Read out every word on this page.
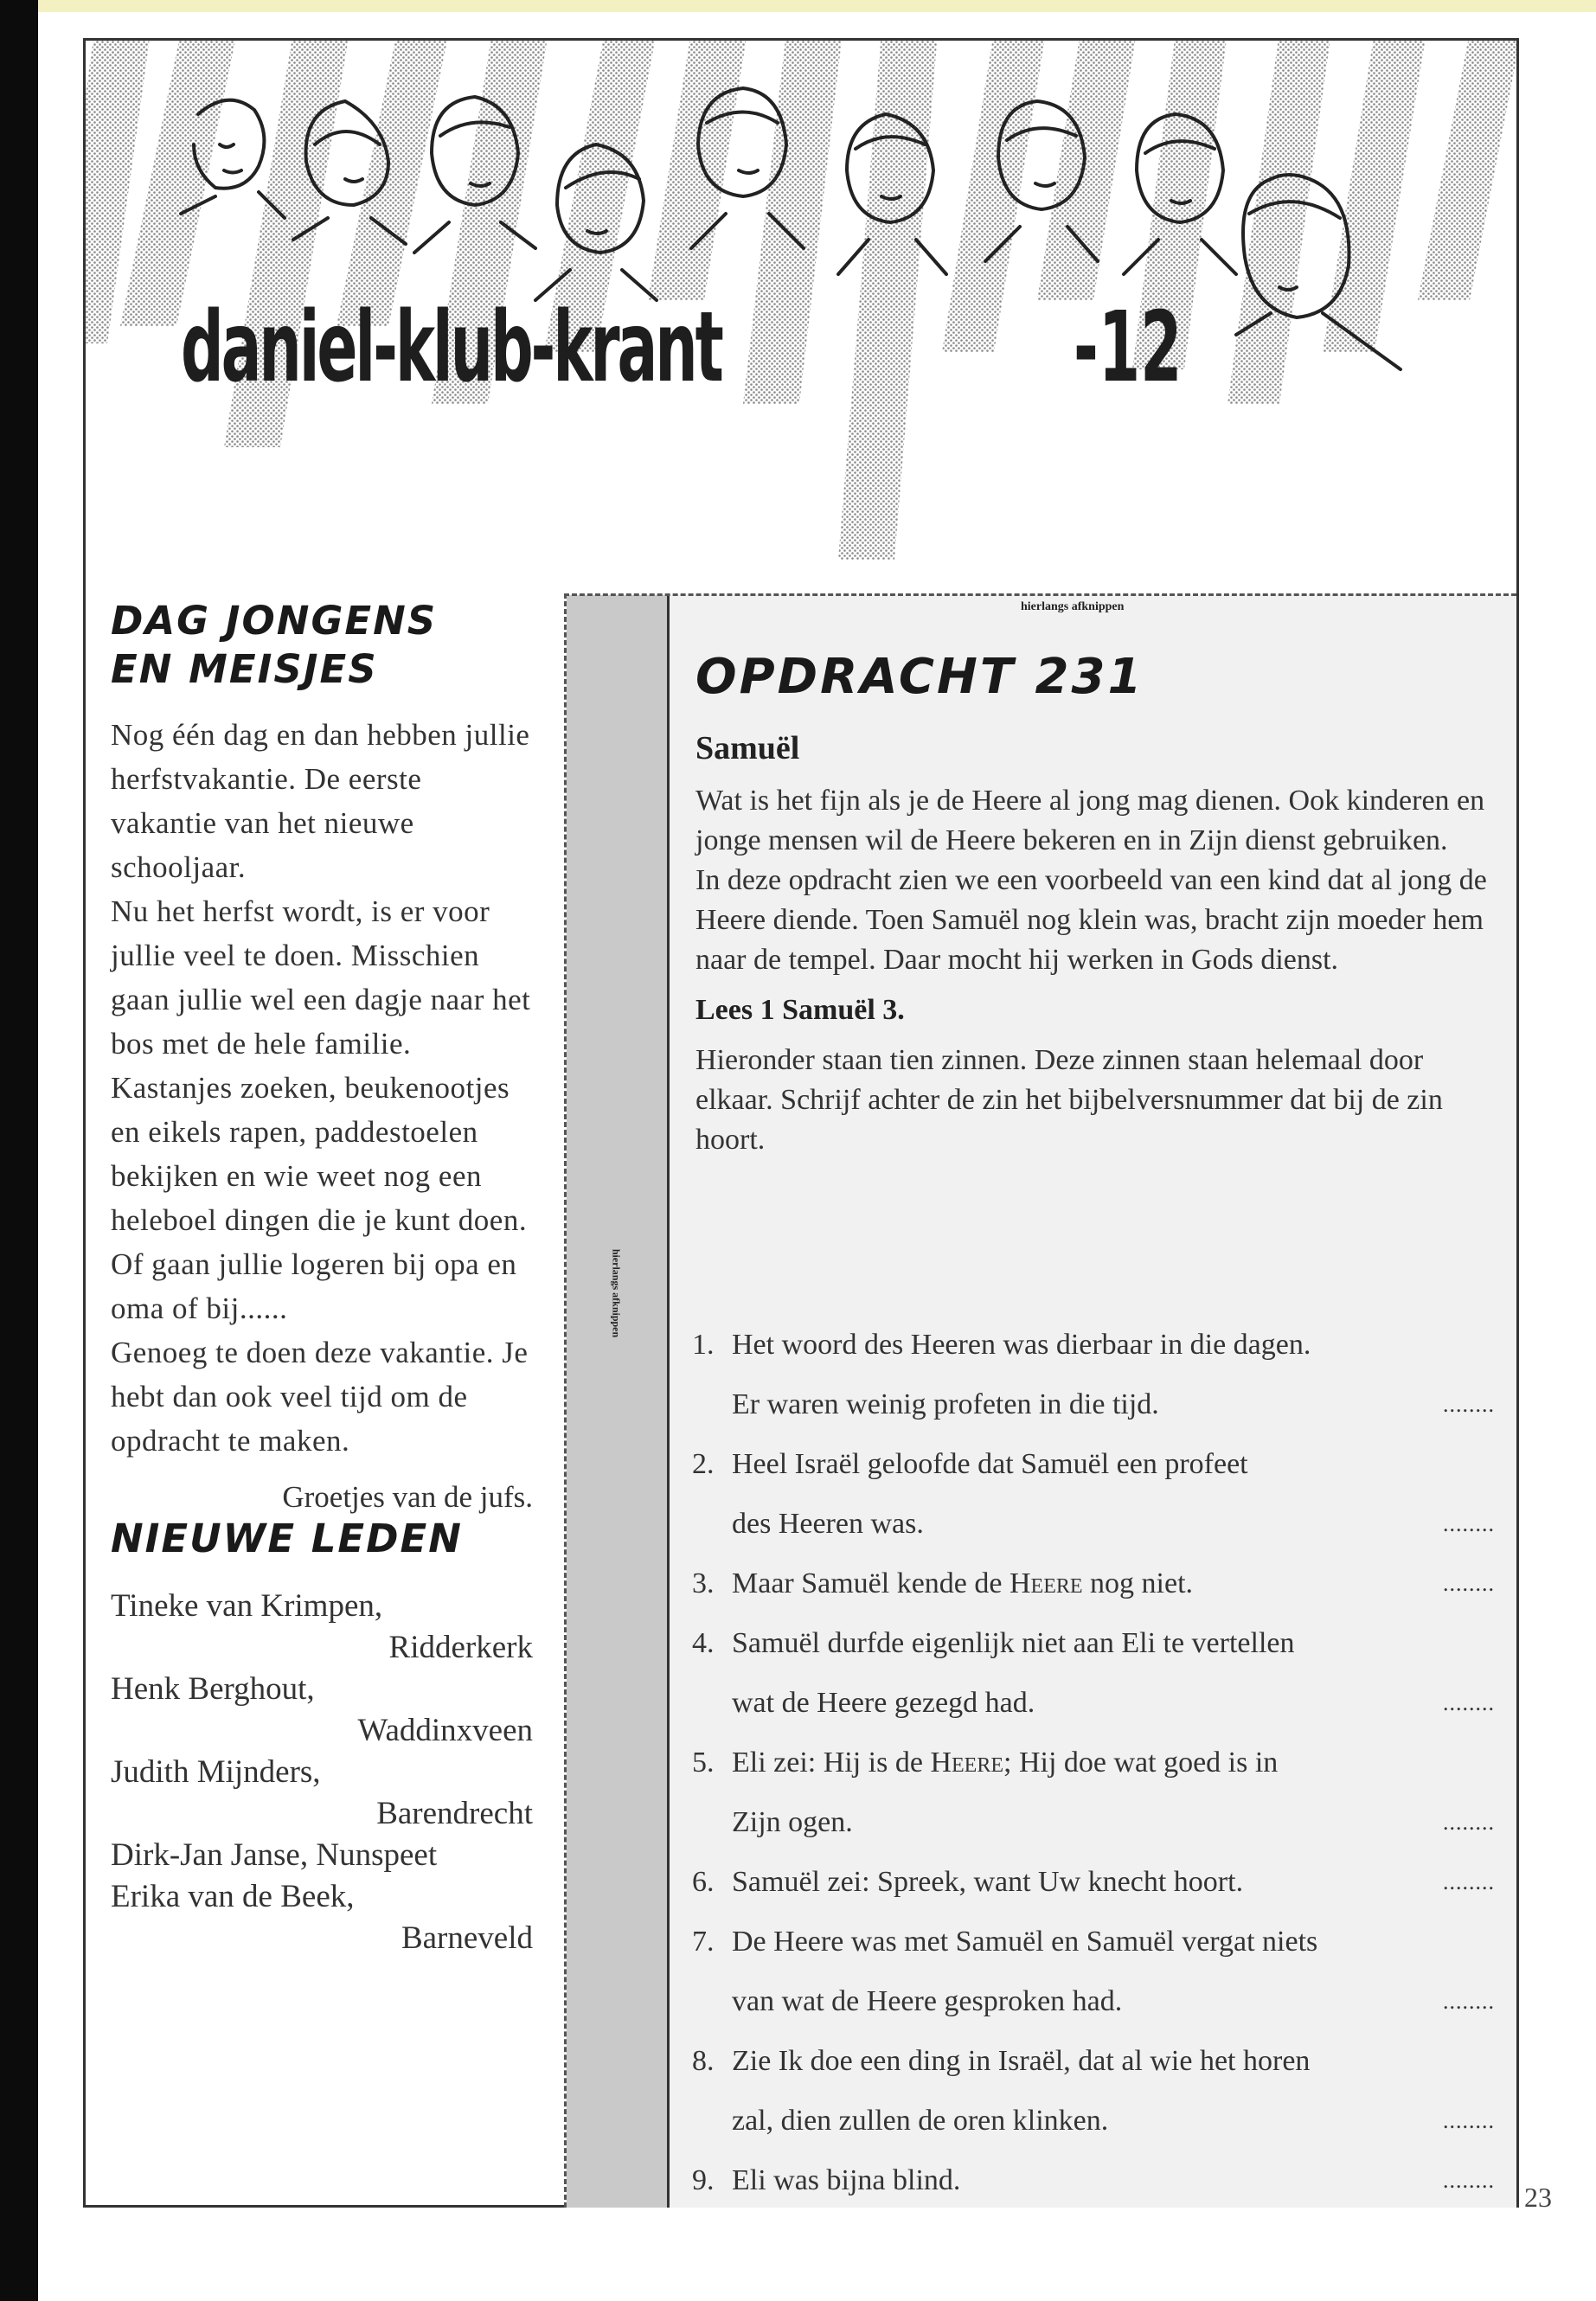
daniel-klub-krant	-12
DAG JONGENS
EN MEISJES

Nog één dag en dan hebben jullie herfstvakantie. De eerste vakantie van het nieuwe schooljaar.

Nu het herfst wordt, is er voor jullie veel te doen. Misschien gaan jullie wel een dagje naar het bos met de hele familie. Kastanjes zoeken, beukenootjes en eikels rapen, paddestoelen bekijken en wie weet nog een heleboel dingen die je kunt doen. Of gaan jullie logeren bij opa en oma of bij......

Genoeg te doen deze vakantie. Je hebt dan ook veel tijd om de opdracht te maken.

Groetjes van de jufs.
NIEUWE LEDEN
Tineke van Krimpen,
Ridderkerk
Henk Berghout,
Waddinxveen
Judith Mijnders,
Barendrecht
Dirk-Jan Janse, Nunspeet
Erika van de Beek,
Barneveld
hierlangs afknippen
hierlangs afknippen
OPDRACHT 231
Samuël

Wat is het fijn als je de Heere al jong mag dienen. Ook kinderen en jonge mensen wil de Heere bekeren en in Zijn dienst gebruiken.

In deze opdracht zien we een voorbeeld van een kind dat al jong de Heere diende. Toen Samuël nog klein was, bracht zijn moeder hem naar de tempel. Daar mocht hij werken in Gods dienst.

Lees 1 Samuël 3.
Hieronder staan tien zinnen. Deze zinnen staan helemaal door elkaar. Schrijf achter de zin het bijbelversnummer dat bij de zin hoort.
1. Het woord des Heeren was dierbaar in die dagen.
Er waren weinig profeten in die tijd.	........
2. Heel Israël geloofde dat Samuël een profeet
des Heeren was.	........
3. Maar Samuël kende de Heere nog niet.	........
4. Samuël durfde eigenlijk niet aan Eli te vertellen
wat de Heere gezegd had.	........
5. Eli zei: Hij is de Heere; Hij doe wat goed is in
Zijn ogen.	........
6. Samuël zei: Spreek, want Uw knecht hoort.	........
7. De Heere was met Samuël en Samuël vergat niets
van wat de Heere gesproken had.	........
8. Zie Ik doe een ding in Israël, dat al wie het horen
zal, dien zullen de oren klinken.	........
9. Eli was bijna blind.	........
23
